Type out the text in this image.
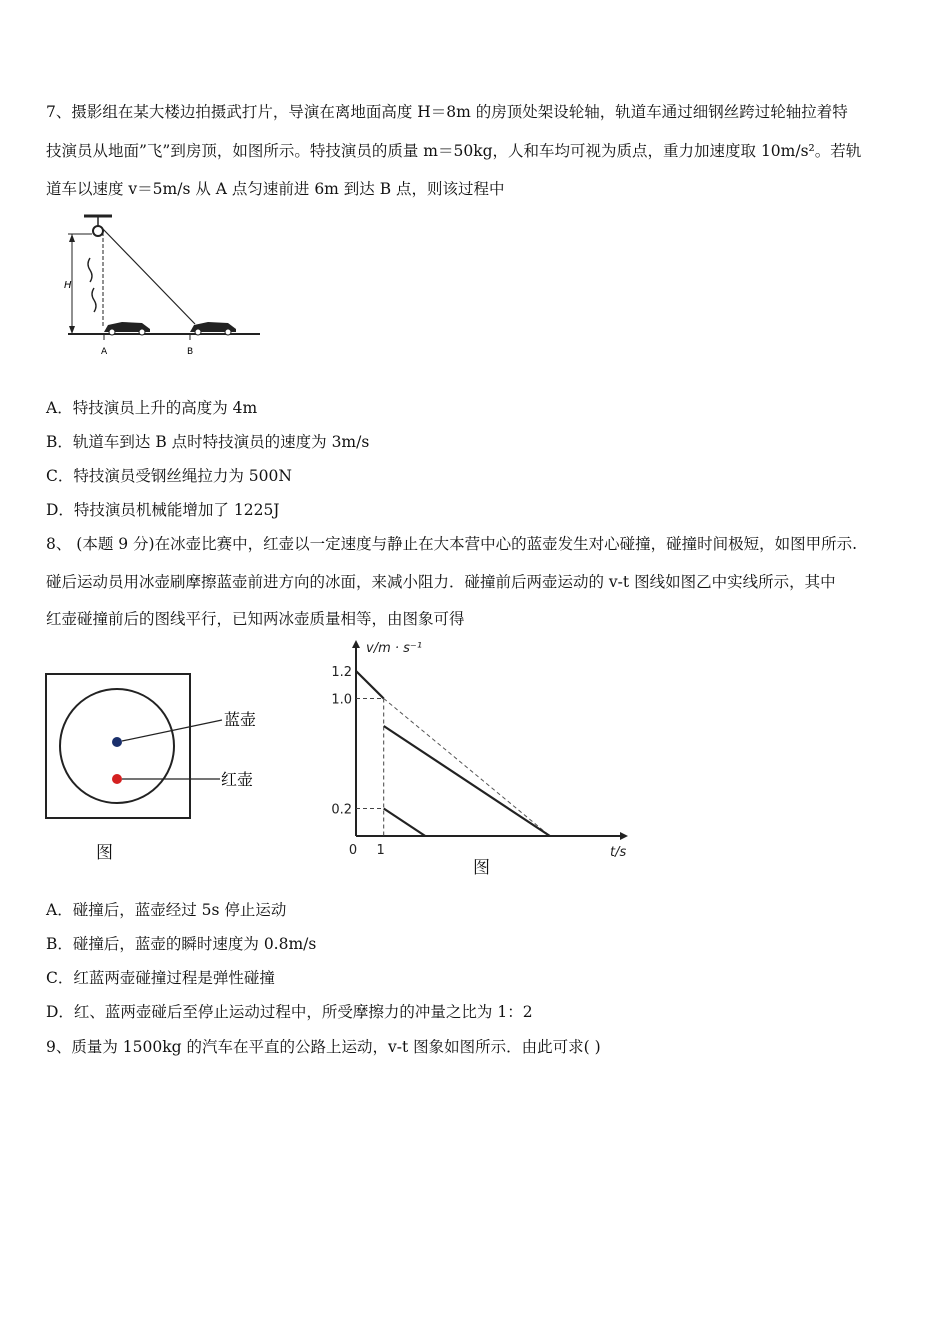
7、摄影组在某大楼边拍摄武打片，导演在离地面高度 H＝8m 的房顶处架设轮轴，轨道车通过细钢丝跨过轮轴拉着特
技演员从地面”飞”到房顶，如图所示。特技演员的质量 m＝50kg，人和车均可视为质点，重力加速度取 10m/s²。若轨
道车以速度 v＝5m/s 从 A 点匀速前进 6m 到达 B 点，则该过程中
H
A	B
A．特技演员上升的高度为 4m
B．轨道车到达 B 点时特技演员的速度为 3m/s
C．特技演员受钢丝绳拉力为 500N
D．特技演员机械能增加了 1225J
8、 (本题 9 分)在冰壶比赛中，红壶以一定速度与静止在大本营中心的蓝壶发生对心碰撞，碰撞时间极短，如图甲所示.
碰后运动员用冰壶刷摩擦蓝壶前进方向的冰面，来减小阻力．碰撞前后两壶运动的 v-t 图线如图乙中实线所示，其中
红壶碰撞前后的图线平行，已知两冰壶质量相等，由图象可得
蓝壶
红壶
图
0.2
1.0
1.2
0 1
v/m · s⁻¹
t/s
图
A．碰撞后，蓝壶经过 5s 停止运动
B．碰撞后，蓝壶的瞬时速度为 0.8m/s
C．红蓝两壶碰撞过程是弹性碰撞
D．红、蓝两壶碰后至停止运动过程中，所受摩擦力的冲量之比为 1：2
9、质量为 1500kg 的汽车在平直的公路上运动，v-t 图象如图所示．由此可求( )
